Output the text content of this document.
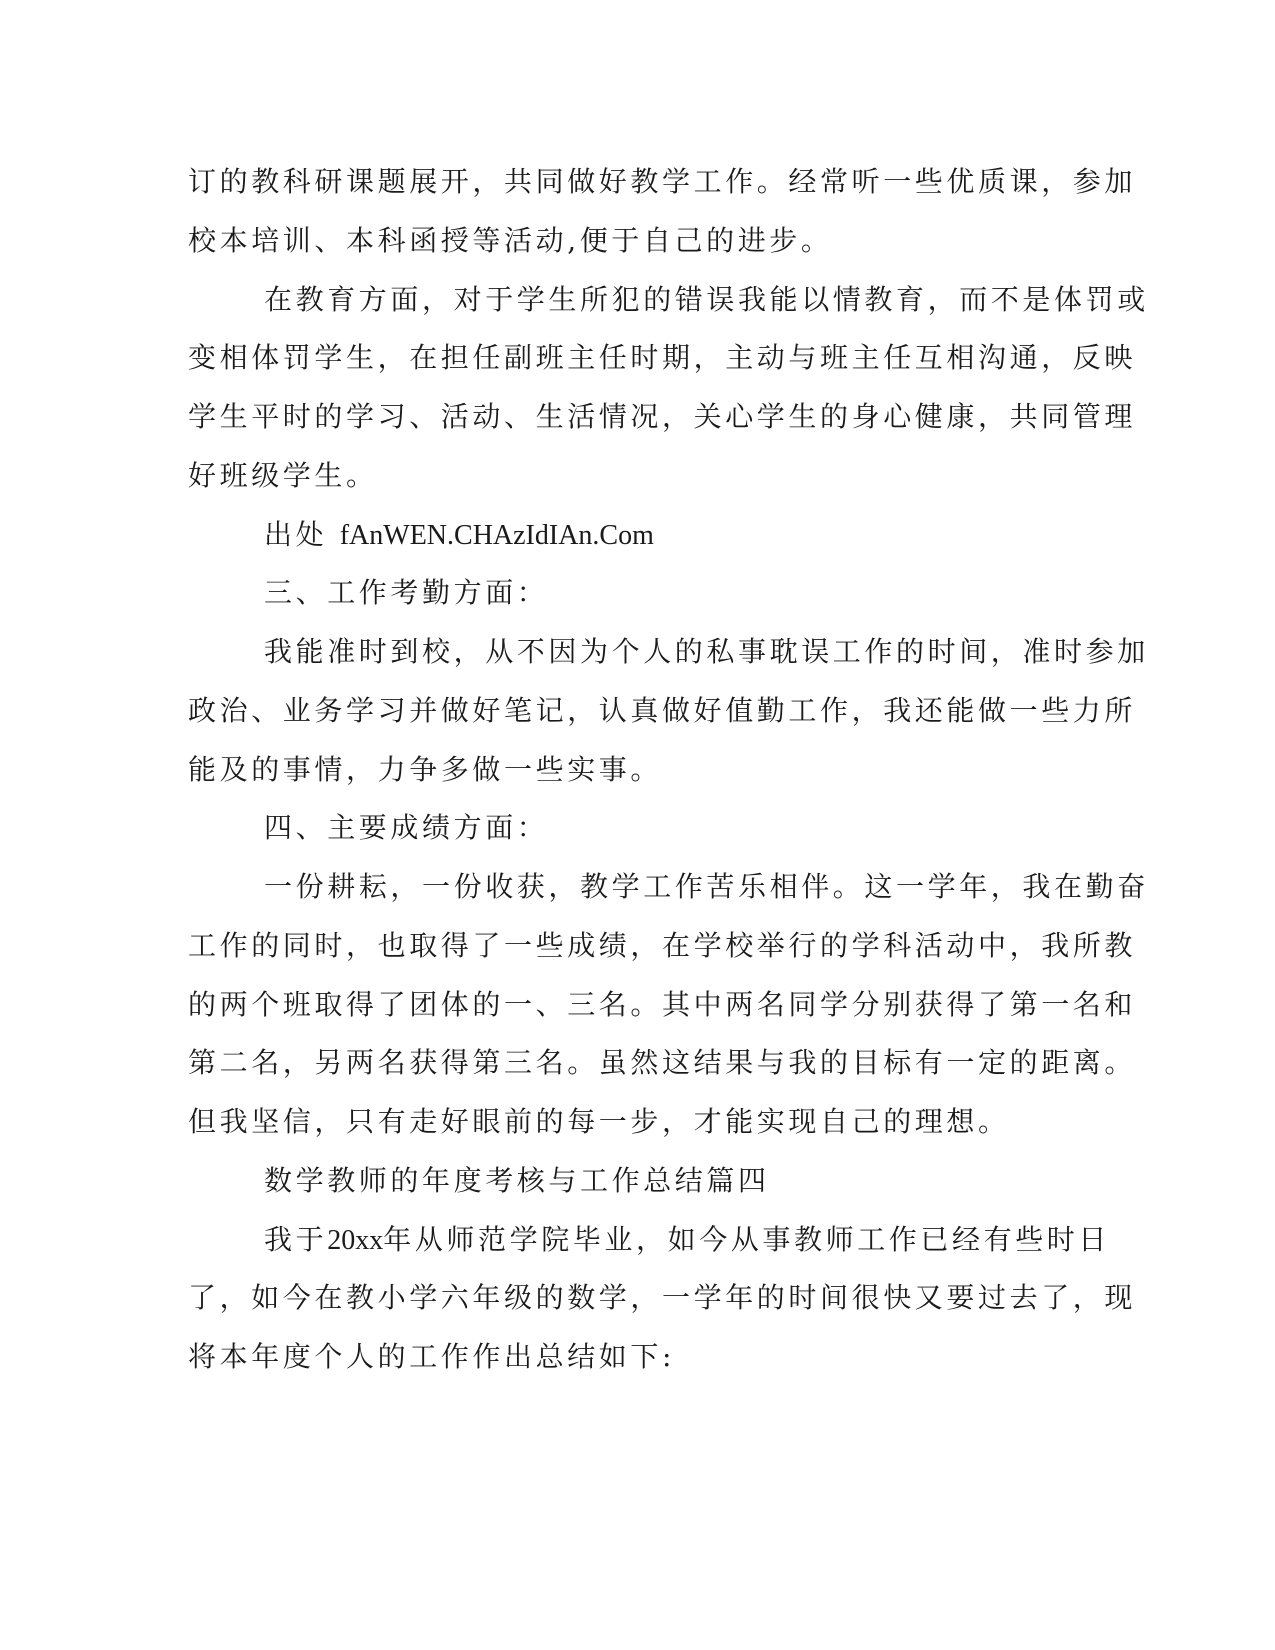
订的教科研课题展开，共同做好教学工作。经常听一些优质课，参加
校本培训、本科函授等活动,便于自己的进步。
在教育方面，对于学生所犯的错误我能以情教育，而不是体罚或
变相体罚学生，在担任副班主任时期，主动与班主任互相沟通，反映
学生平时的学习、活动、生活情况，关心学生的身心健康，共同管理
好班级学生。
出处 fAnWEN.CHAzIdIAn.Com
三、工作考勤方面：
我能准时到校，从不因为个人的私事耽误工作的时间，准时参加
政治、业务学习并做好笔记，认真做好值勤工作，我还能做一些力所
能及的事情，力争多做一些实事。
四、主要成绩方面：
一份耕耘，一份收获，教学工作苦乐相伴。这一学年，我在勤奋
工作的同时，也取得了一些成绩，在学校举行的学科活动中，我所教
的两个班取得了团体的一、三名。其中两名同学分别获得了第一名和
第二名，另两名获得第三名。虽然这结果与我的目标有一定的距离。
但我坚信，只有走好眼前的每一步，才能实现自己的理想。
数学教师的年度考核与工作总结篇四
我于20xx年从师范学院毕业，如今从事教师工作已经有些时日
了，如今在教小学六年级的数学，一学年的时间很快又要过去了，现
将本年度个人的工作作出总结如下:
